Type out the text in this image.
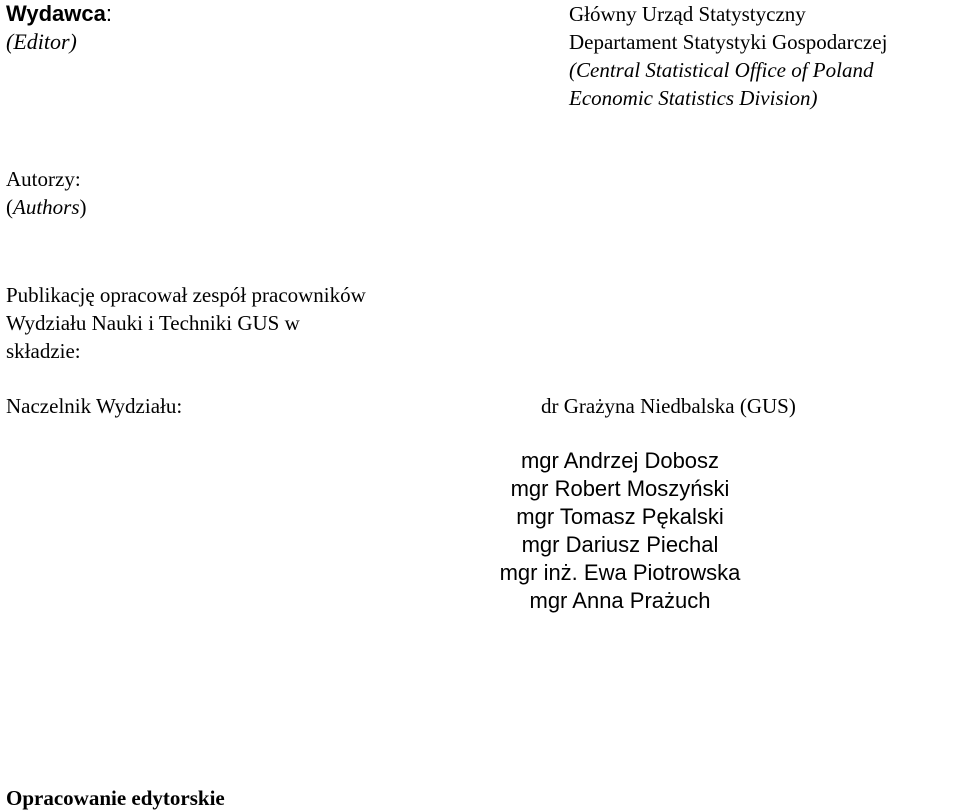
Wydawca:
(Editor)
Główny Urząd Statystyczny
Departament Statystyki Gospodarczej
(Central Statistical Office of Poland
Economic Statistics Division)
Autorzy:
(Authors)
Publikację opracował zespół pracowników
Wydziału Nauki i Techniki GUS w
składzie:
Naczelnik Wydziału:	dr Grażyna Niedbalska (GUS)
mgr Andrzej Dobosz
mgr Robert Moszyński
mgr Tomasz Pękalski
mgr Dariusz Piechal
mgr inż. Ewa Piotrowska
mgr Anna Prażuch
Opracowanie edytorskie
